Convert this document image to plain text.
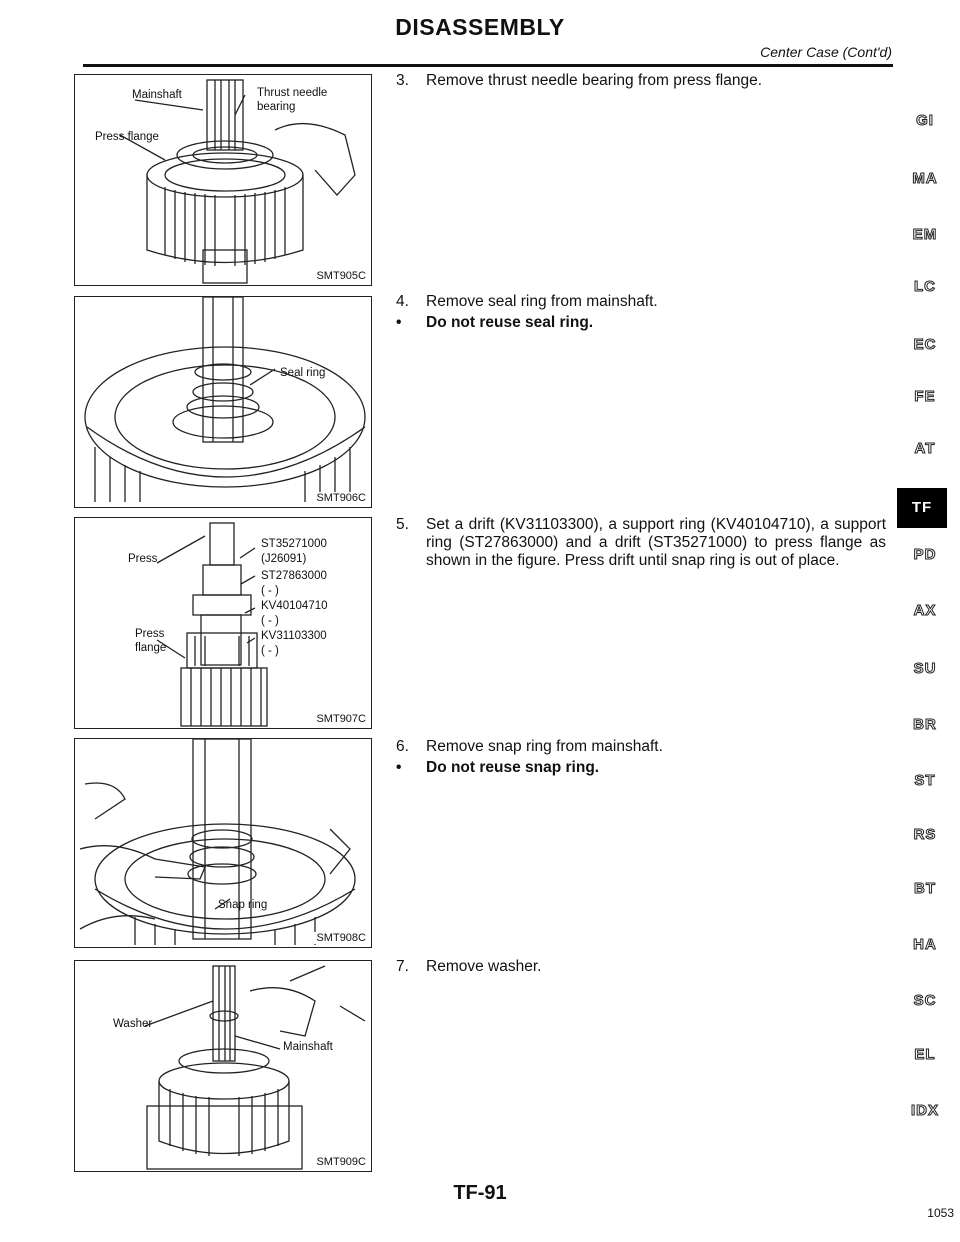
DISASSEMBLY
Center Case (Cont'd)
Mainshaft	Thrust needle
bearing
Press flange
SMT905C
Seal ring
SMT906C
Press
ST35271000
(J26091)
ST27863000
( - )
KV40104710
( - )
KV31103300
( - )
Press
flange
SMT907C
Snap ring
SMT908C
Washer
Mainshaft
SMT909C
3.	Remove thrust needle bearing from press flange.
4.	Remove seal ring from mainshaft.
•	Do not reuse seal ring.
5.	Set a drift (KV31103300), a support ring (KV40104710), a support ring (ST27863000) and a drift (ST35271000) to press flange as shown in the figure. Press drift until snap ring is out of place.
6.	Remove snap ring from mainshaft.
•	Do not reuse snap ring.
7.	Remove washer.
GI
MA
EM
LC
EC
FE
AT
TF
PD
AX
SU
BR
ST
RS
BT
HA
SC
EL
IDX
TF-91
1053
